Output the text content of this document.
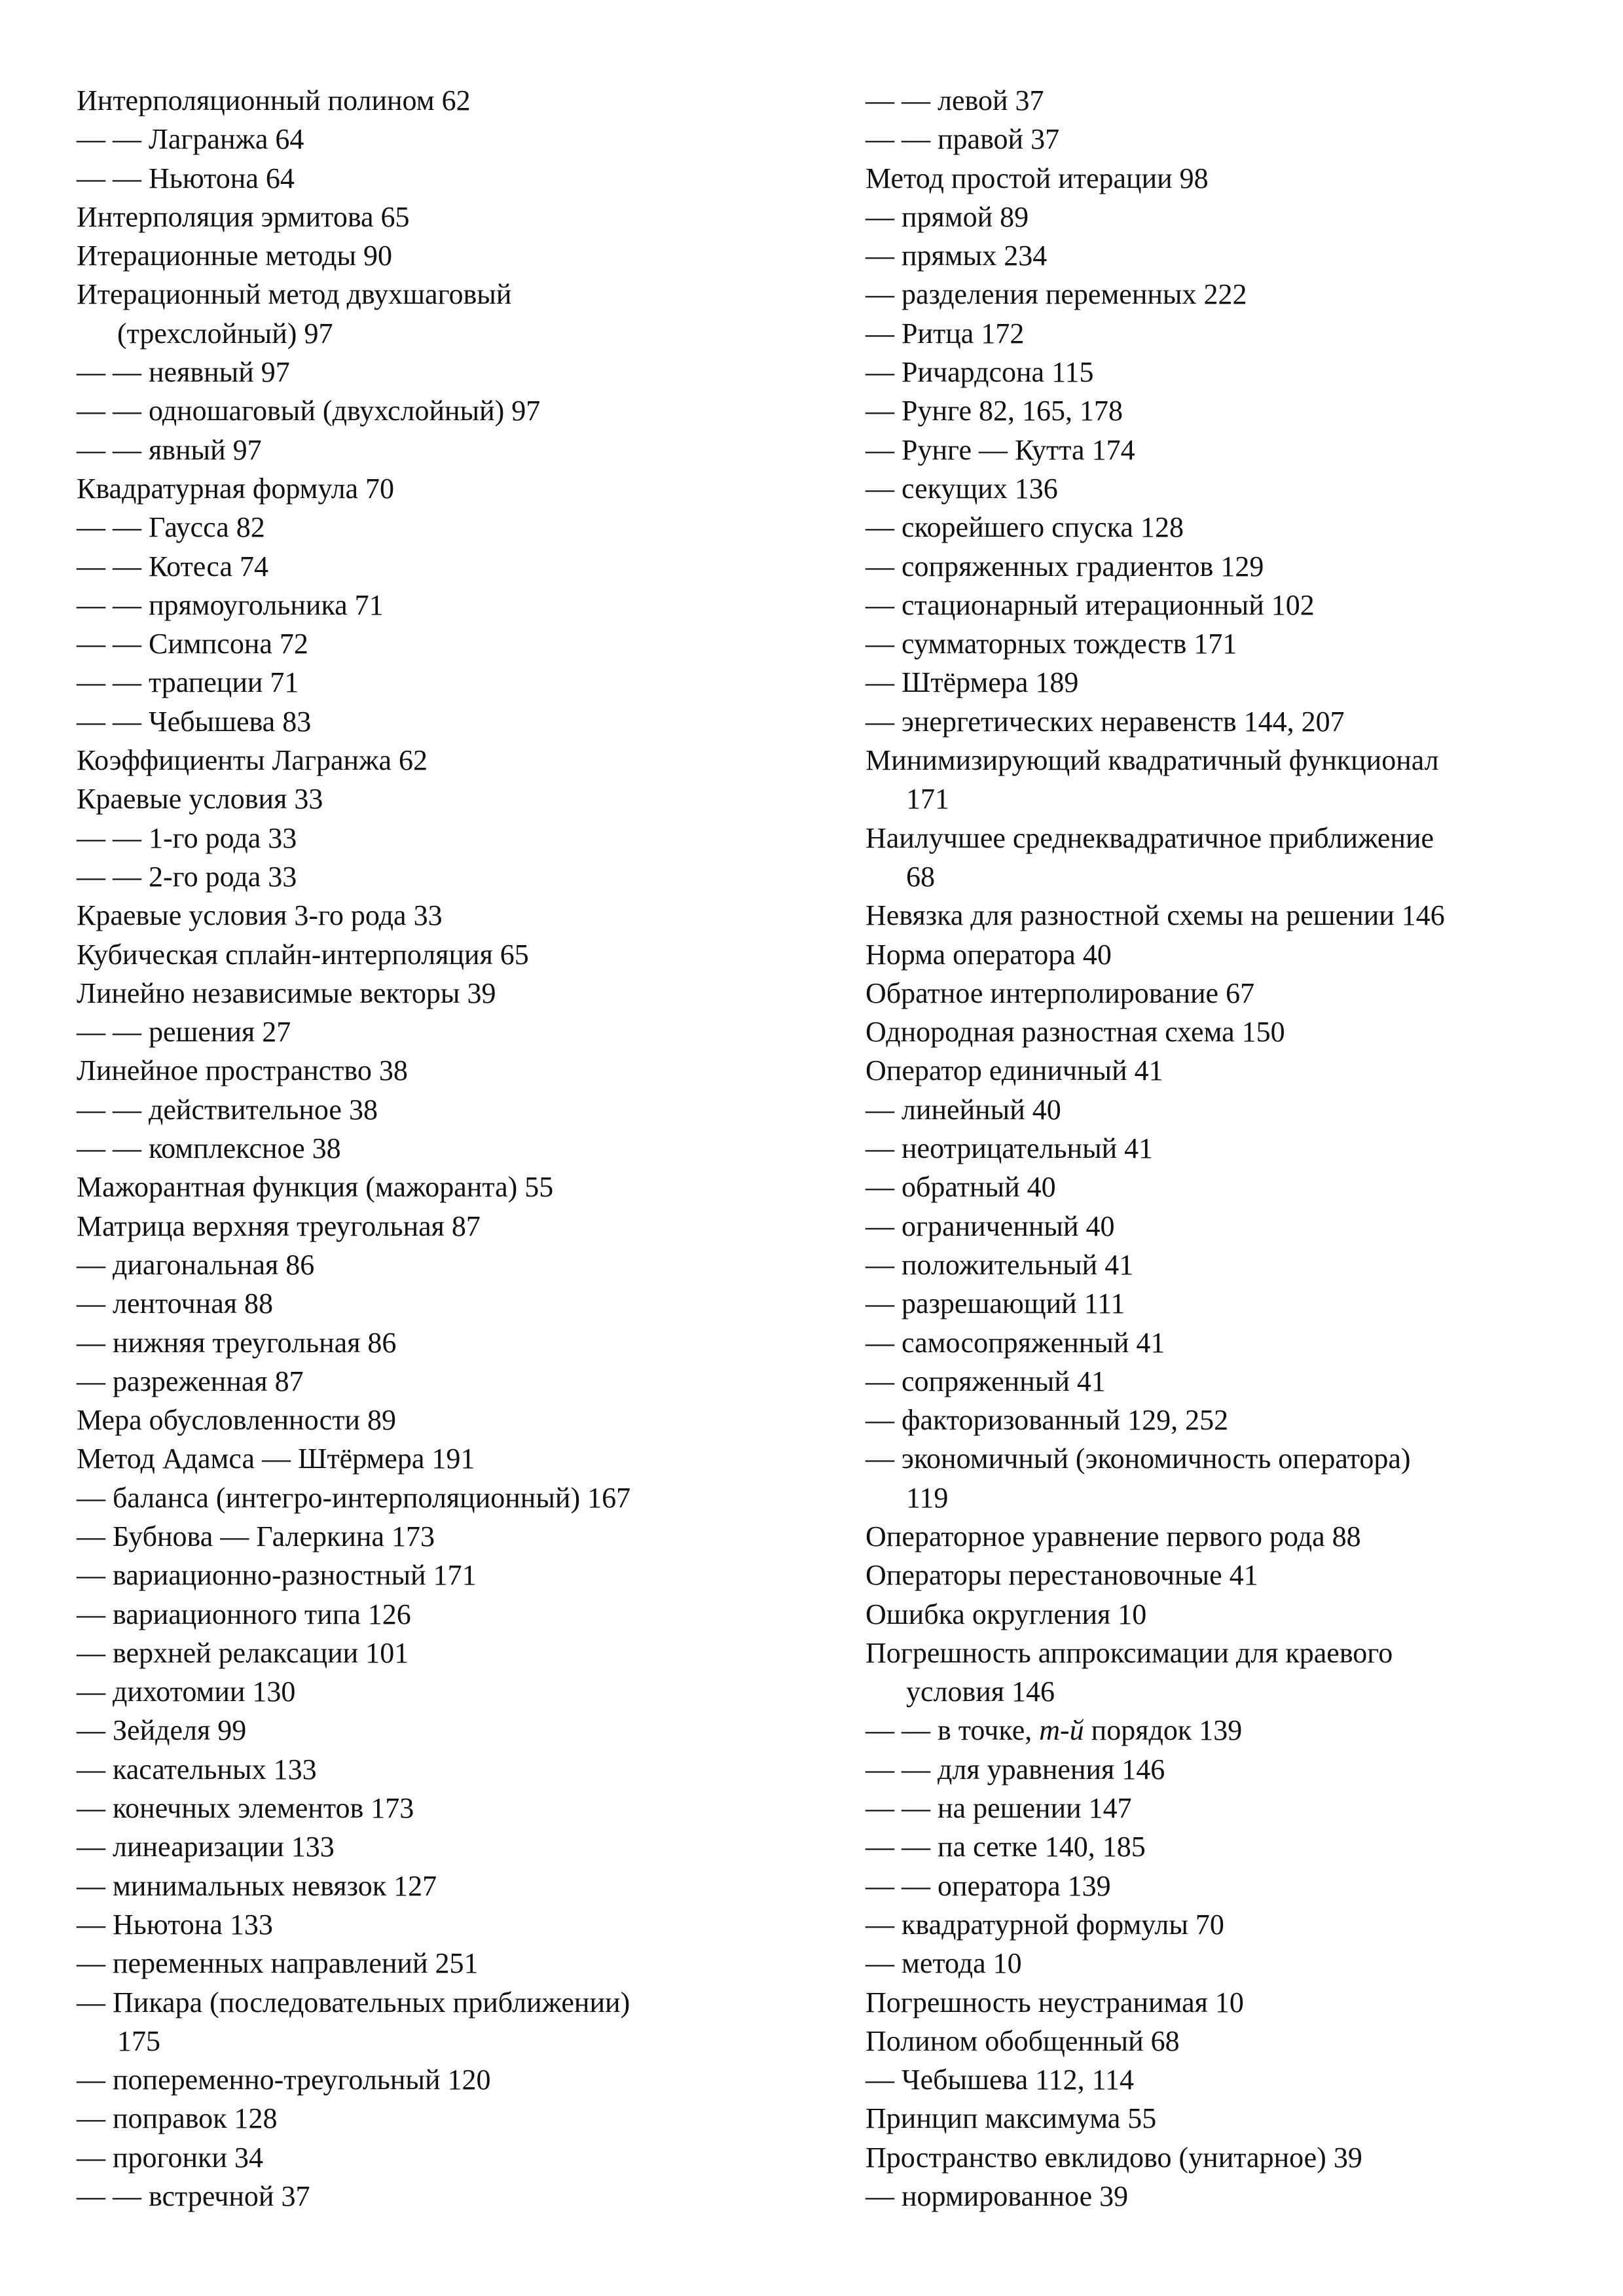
Интерполяционный полином 62

— — Лагранжа 64

— — Ньютона 64

Интерполяция эрмитова 65

Итерационные методы 90

Итерационный метод двухшаговый

(трехслойный) 97

— — неявный 97

— — одношаговый (двухслойный) 97

— — явный 97

Квадратурная формула 70

— — Гаусса 82

— — Котеса 74

— — прямоугольника 71

— — Симпсона 72

— — трапеции 71

— — Чебышева 83

Коэффициенты Лагранжа 62

Краевые условия 33

— — 1-го рода 33

— — 2-го рода 33

Краевые условия 3-го рода 33

Кубическая сплайн-интерполяция 65

Линейно независимые векторы 39

— — решения 27

Линейное пространство 38

— — действительное 38

— — комплексное 38

Мажорантная функция (мажоранта) 55

Матрица верхняя треугольная 87

— диагональная 86

— ленточная 88

— нижняя треугольная 86

— разреженная 87

Мера обусловленности 89

Метод Адамса — Штёрмера 191

— баланса (интегро-интерполяционный) 167

— Бубнова — Галеркина 173

— вариационно-разностный 171

— вариационного типа 126

— верхней релаксации 101

— дихотомии 130

— Зейделя 99

— касательных 133

— конечных элементов 173

— линеаризации 133

— минимальных невязок 127

— Ньютона 133

— переменных направлений 251

— Пикара (последовательных приближении)

175

— попеременно-треугольный 120

— поправок 128

— прогонки 34

— — встречной 37

— — левой 37

— — правой 37

Метод простой итерации 98

— прямой 89

— прямых 234

— разделения переменных 222

— Ритца 172

— Ричардсона 115

— Рунге 82, 165, 178

— Рунге — Кутта 174

— секущих 136

— скорейшего спуска 128

— сопряженных градиентов 129

— стационарный итерационный 102

— сумматорных тождеств 171

— Штёрмера 189

— энергетических неравенств 144, 207

Минимизирующий квадратичный функционал

171

Наилучшее среднеквадратичное приближение

68

Невязка для разностной схемы на решении 146

Норма оператора 40

Обратное интерполирование 67

Однородная разностная схема 150

Оператор единичный 41

— линейный 40

— неотрицательный 41

— обратный 40

— ограниченный 40

— положительный 41

— разрешающий 111

— самосопряженный 41

— сопряженный 41

— факторизованный 129, 252

— экономичный (экономичность оператора)

119

Операторное уравнение первого рода 88

Операторы перестановочные 41

Ошибка округления 10

Погрешность аппроксимации для краевого

условия 146

— — в точке, m-й порядок 139

— — для уравнения 146

— — на решении 147

— — па сетке 140, 185

— — оператора 139

— квадратурной формулы 70

— метода 10

Погрешность неустранимая 10

Полином обобщенный 68

— Чебышева 112, 114

Принцип максимума 55

Пространство евклидово (унитарное) 39

— нормированное 39
